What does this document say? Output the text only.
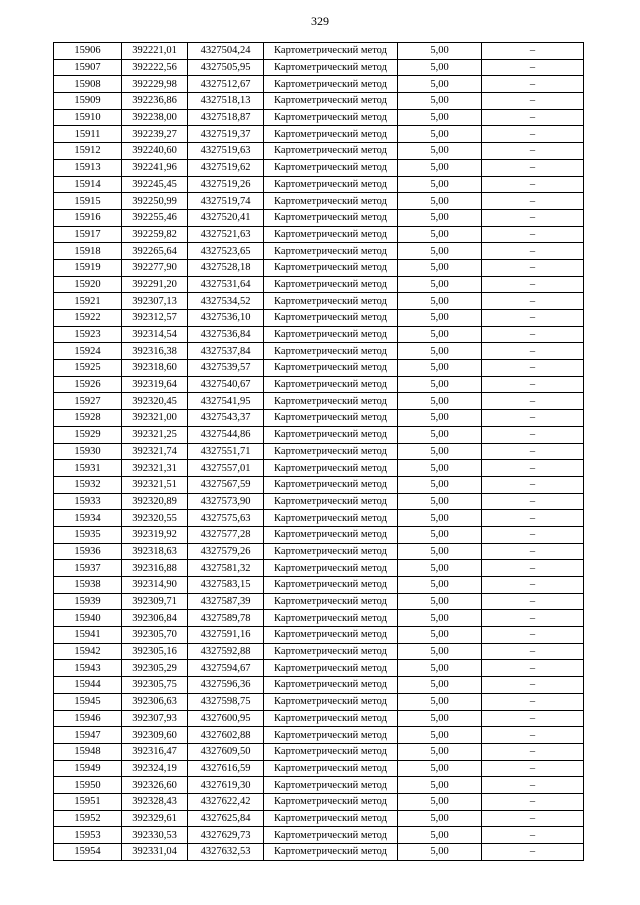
329
15906	392221,01	4327504,24	Картометрический метод	5,00	–
15907	392222,56	4327505,95	Картометрический метод	5,00	–
15908	392229,98	4327512,67	Картометрический метод	5,00	–
15909	392236,86	4327518,13	Картометрический метод	5,00	–
15910	392238,00	4327518,87	Картометрический метод	5,00	–
15911	392239,27	4327519,37	Картометрический метод	5,00	–
15912	392240,60	4327519,63	Картометрический метод	5,00	–
15913	392241,96	4327519,62	Картометрический метод	5,00	–
15914	392245,45	4327519,26	Картометрический метод	5,00	–
15915	392250,99	4327519,74	Картометрический метод	5,00	–
15916	392255,46	4327520,41	Картометрический метод	5,00	–
15917	392259,82	4327521,63	Картометрический метод	5,00	–
15918	392265,64	4327523,65	Картометрический метод	5,00	–
15919	392277,90	4327528,18	Картометрический метод	5,00	–
15920	392291,20	4327531,64	Картометрический метод	5,00	–
15921	392307,13	4327534,52	Картометрический метод	5,00	–
15922	392312,57	4327536,10	Картометрический метод	5,00	–
15923	392314,54	4327536,84	Картометрический метод	5,00	–
15924	392316,38	4327537,84	Картометрический метод	5,00	–
15925	392318,60	4327539,57	Картометрический метод	5,00	–
15926	392319,64	4327540,67	Картометрический метод	5,00	–
15927	392320,45	4327541,95	Картометрический метод	5,00	–
15928	392321,00	4327543,37	Картометрический метод	5,00	–
15929	392321,25	4327544,86	Картометрический метод	5,00	–
15930	392321,74	4327551,71	Картометрический метод	5,00	–
15931	392321,31	4327557,01	Картометрический метод	5,00	–
15932	392321,51	4327567,59	Картометрический метод	5,00	–
15933	392320,89	4327573,90	Картометрический метод	5,00	–
15934	392320,55	4327575,63	Картометрический метод	5,00	–
15935	392319,92	4327577,28	Картометрический метод	5,00	–
15936	392318,63	4327579,26	Картометрический метод	5,00	–
15937	392316,88	4327581,32	Картометрический метод	5,00	–
15938	392314,90	4327583,15	Картометрический метод	5,00	–
15939	392309,71	4327587,39	Картометрический метод	5,00	–
15940	392306,84	4327589,78	Картометрический метод	5,00	–
15941	392305,70	4327591,16	Картометрический метод	5,00	–
15942	392305,16	4327592,88	Картометрический метод	5,00	–
15943	392305,29	4327594,67	Картометрический метод	5,00	–
15944	392305,75	4327596,36	Картометрический метод	5,00	–
15945	392306,63	4327598,75	Картометрический метод	5,00	–
15946	392307,93	4327600,95	Картометрический метод	5,00	–
15947	392309,60	4327602,88	Картометрический метод	5,00	–
15948	392316,47	4327609,50	Картометрический метод	5,00	–
15949	392324,19	4327616,59	Картометрический метод	5,00	–
15950	392326,60	4327619,30	Картометрический метод	5,00	–
15951	392328,43	4327622,42	Картометрический метод	5,00	–
15952	392329,61	4327625,84	Картометрический метод	5,00	–
15953	392330,53	4327629,73	Картометрический метод	5,00	–
15954	392331,04	4327632,53	Картометрический метод	5,00	–
